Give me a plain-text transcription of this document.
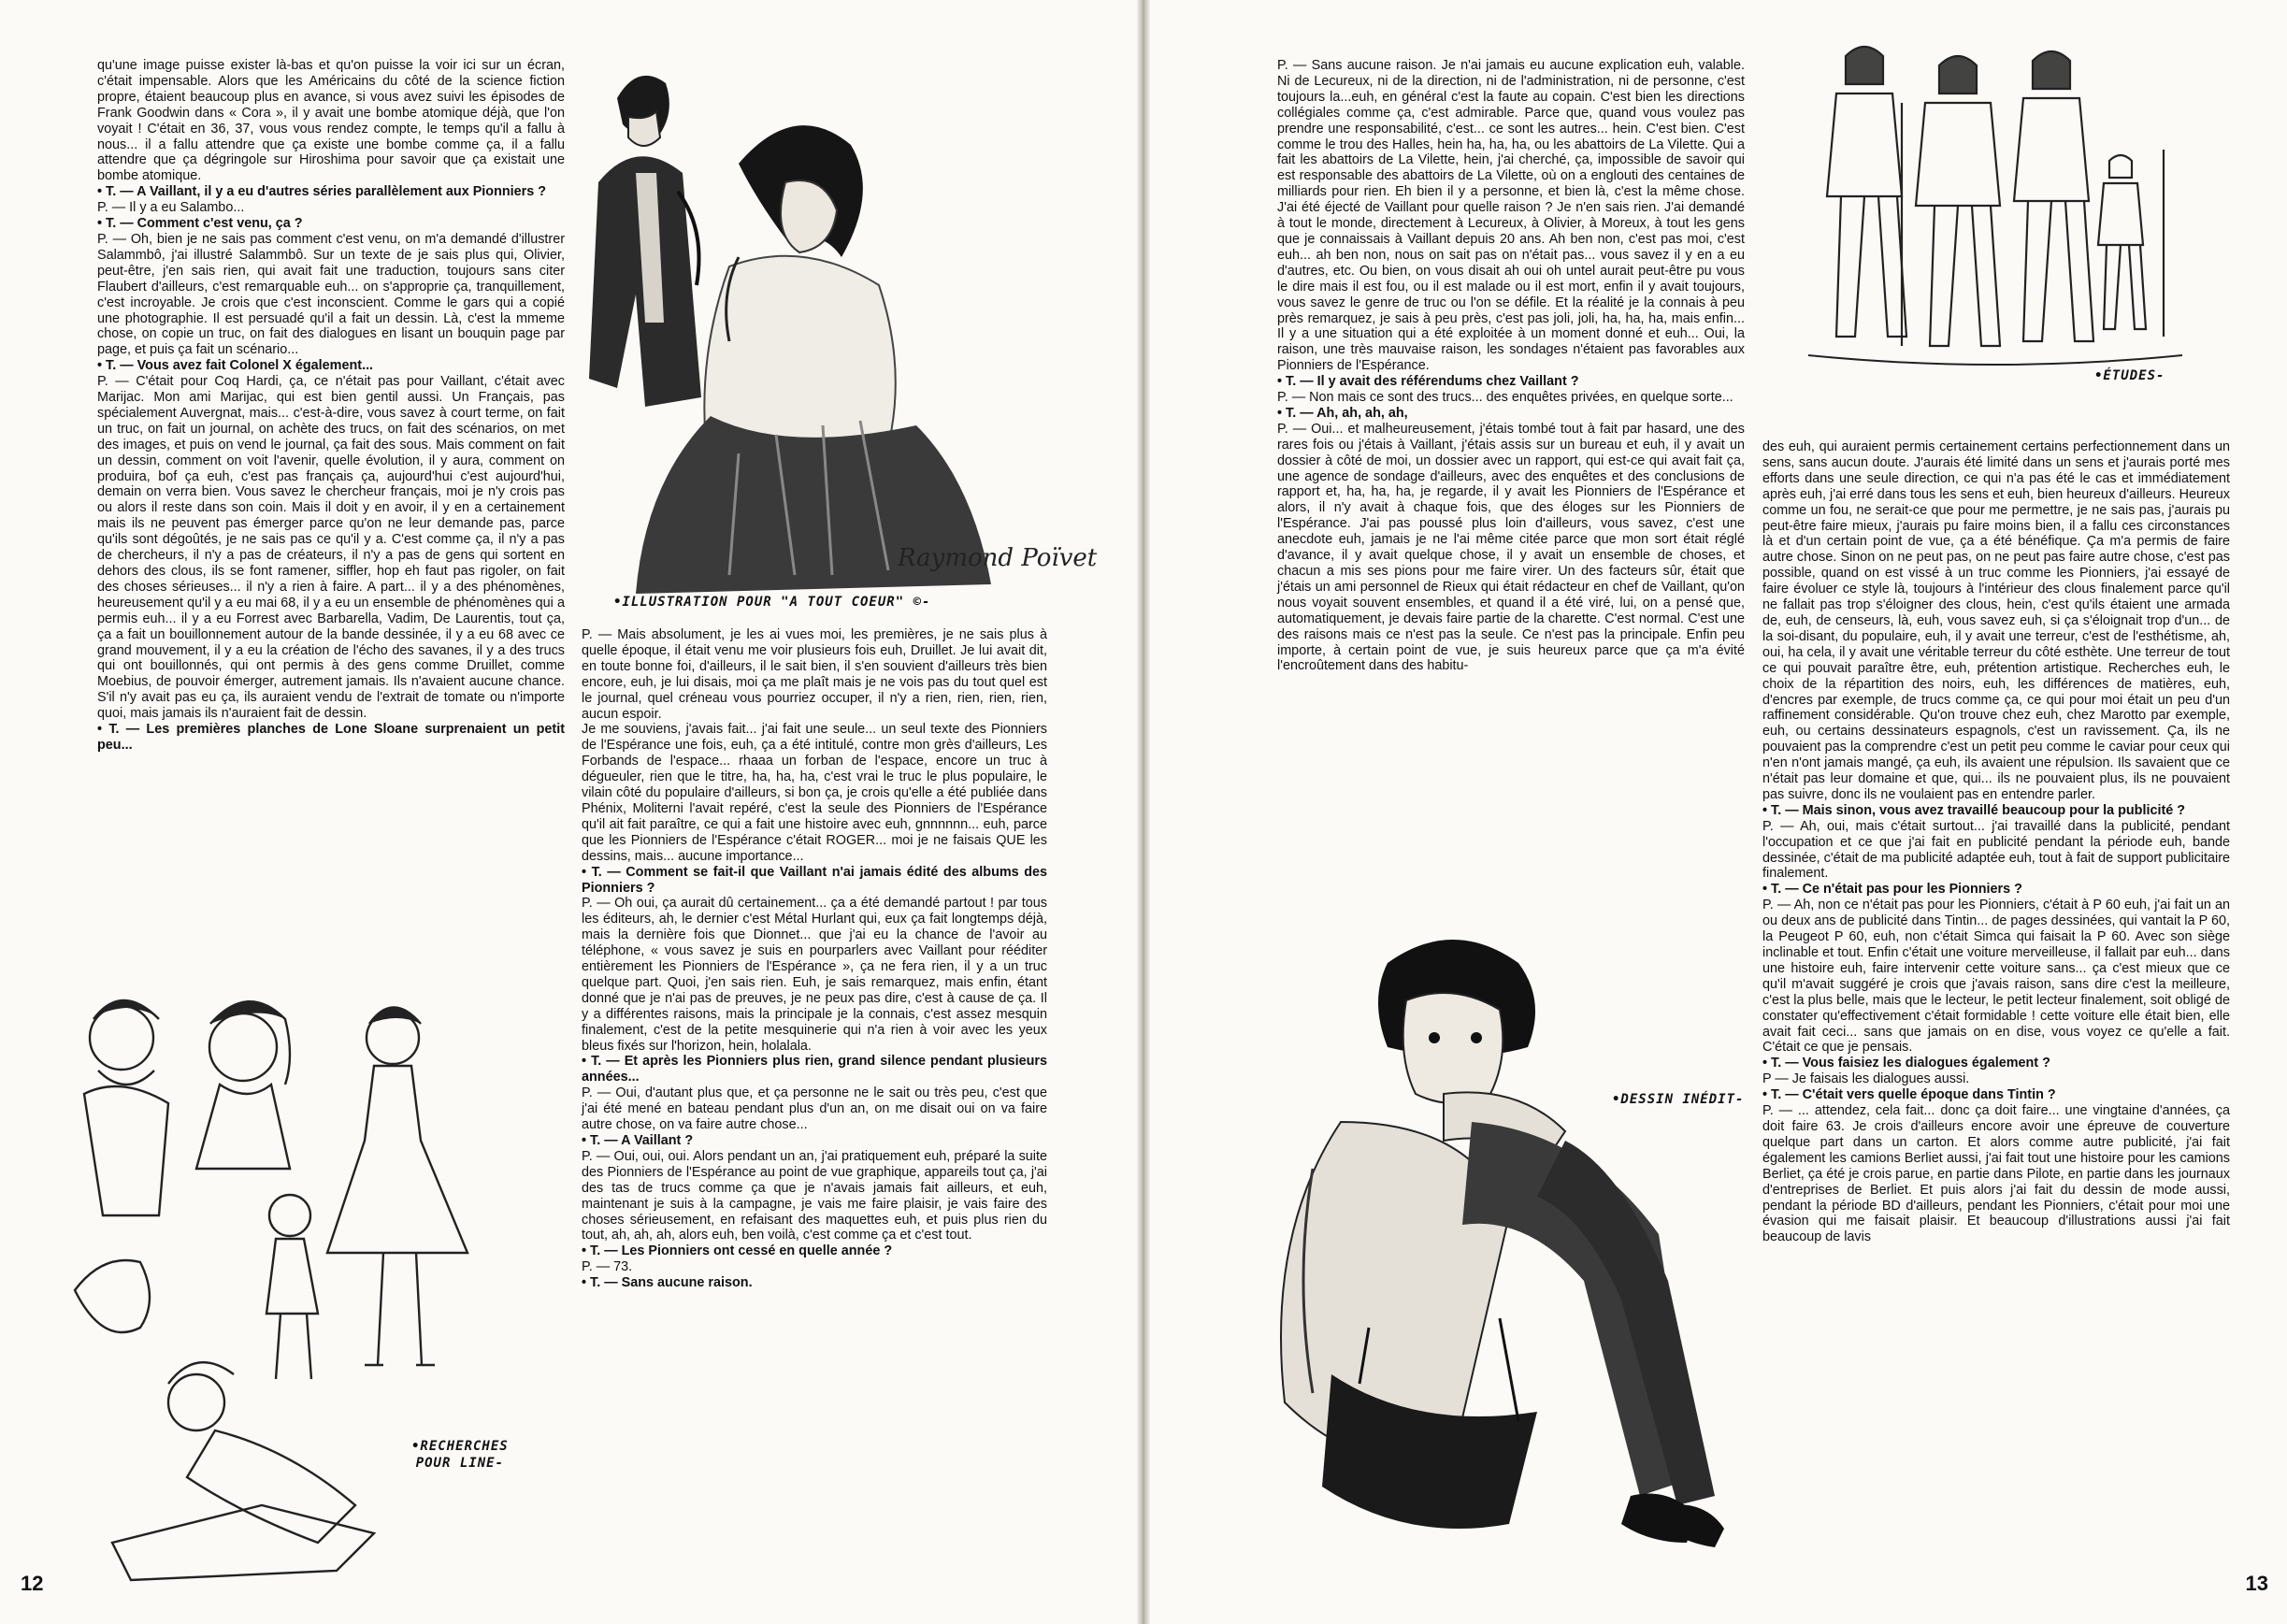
qu'une image puisse exister là-bas et qu'on puisse la voir ici sur un écran, c'était impensable. Alors que les Américains du côté de la science fiction propre, étaient beaucoup plus en avance, si vous avez suivi les épisodes de Frank Goodwin dans « Cora », il y avait une bombe atomique déjà, que l'on voyait ! C'était en 36, 37, vous vous rendez compte, le temps qu'il a fallu à nous... il a fallu attendre que ça existe une bombe comme ça, il a fallu attendre que ça dégringole sur Hiroshima pour savoir que ça existait une bombe atomique.

• T. — A Vaillant, il y a eu d'autres séries parallèlement aux Pionniers ?

P. — Il y a eu Salambo...

• T. — Comment c'est venu, ça ?

P. — Oh, bien je ne sais pas comment c'est venu, on m'a demandé d'illustrer Salammbô, j'ai illustré Salammbô. Sur un texte de je sais plus qui, Olivier, peut-être, j'en sais rien, qui avait fait une traduction, toujours sans citer Flaubert d'ailleurs, c'est remarquable euh... on s'approprie ça, tranquillement, c'est incroyable. Je crois que c'est inconscient. Comme le gars qui a copié une photographie. Il est persuadé qu'il a fait un dessin. Là, c'est la mmeme chose, on copie un truc, on fait des dialogues en lisant un bouquin page par page, et puis ça fait un scénario...

• T. — Vous avez fait Colonel X également...

P. — C'était pour Coq Hardi, ça, ce n'était pas pour Vaillant, c'était avec Marijac. Mon ami Marijac, qui est bien gentil aussi. Un Français, pas spécialement Auvergnat, mais... c'est-à-dire, vous savez à court terme, on fait un truc, on fait un journal, on achète des trucs, on fait des scénarios, on met des images, et puis on vend le journal, ça fait des sous. Mais comment on fait un dessin, comment on voit l'avenir, quelle évolution, il y aura, comment on produira, bof ça euh, c'est pas français ça, aujourd'hui c'est aujourd'hui, demain on verra bien. Vous savez le chercheur français, moi je n'y crois pas ou alors il reste dans son coin. Mais il doit y en avoir, il y en a certainement mais ils ne peuvent pas émerger parce qu'on ne leur demande pas, parce qu'ils sont dégoûtés, je ne sais pas ce qu'il y a. C'est comme ça, il n'y a pas de chercheurs, il n'y a pas de créateurs, il n'y a pas de gens qui sortent en dehors des clous, ils se font ramener, siffler, hop eh faut pas rigoler, on fait des choses sérieuses... il n'y a rien à faire. A part... il y a des phénomènes, heureusement qu'il y a eu mai 68, il y a eu un ensemble de phénomènes qui a permis euh... il y a eu Forrest avec Barbarella, Vadim, De Laurentis, tout ça, ça a fait un bouillonnement autour de la bande dessinée, il y a eu 68 avec ce grand mouvement, il y a eu la création de l'écho des savanes, il y a des trucs qui ont bouillonnés, qui ont permis à des gens comme Druillet, comme Moebius, de pouvoir émerger, autrement jamais. Ils n'avaient aucune chance. S'il n'y avait pas eu ça, ils auraient vendu de l'extrait de tomate ou n'importe quoi, mais jamais ils n'auraient fait de dessin.

• T. — Les premières planches de Lone Sloane surprenaient un petit peu...

P. — Mais absolument, je les ai vues moi, les premières, je ne sais plus à quelle époque, il était venu me voir plusieurs fois euh, Druillet. Je lui avait dit, en toute bonne foi, d'ailleurs, il le sait bien, il s'en souvient d'ailleurs très bien encore, euh, je lui disais, moi ça me plaît mais je ne vois pas du tout quel est le journal, quel créneau vous pourriez occuper, il n'y a rien, rien, rien, rien, aucun espoir.

Je me souviens, j'avais fait... j'ai fait une seule... un seul texte des Pionniers de l'Espérance une fois, euh, ça a été intitulé, contre mon grès d'ailleurs, Les Forbands de l'espace... rhaaa un forban de l'espace, encore un truc à dégueuler, rien que le titre, ha, ha, ha, c'est vrai le truc le plus populaire, le vilain côté du populaire d'ailleurs, si bon ça, je crois qu'elle a été publiée dans Phénix, Moliterni l'avait repéré, c'est la seule des Pionniers de l'Espérance qu'il ait fait paraître, ce qui a fait une histoire avec euh, gnnnnnn... euh, parce que les Pionniers de l'Espérance c'était ROGER... moi je ne faisais QUE les dessins, mais... aucune importance...

• T. — Comment se fait-il que Vaillant n'ai jamais édité des albums des Pionniers ?

P. — Oh oui, ça aurait dû certainement... ça a été demandé partout ! par tous les éditeurs, ah, le dernier c'est Métal Hurlant qui, eux ça fait longtemps déjà, mais la dernière fois que Dionnet... que j'ai eu la chance de l'avoir au téléphone, « vous savez je suis en pourparlers avec Vaillant pour rééditer entièrement les Pionniers de l'Espérance », ça ne fera rien, il y a un truc quelque part. Quoi, j'en sais rien. Euh, je sais remarquez, mais enfin, étant donné que je n'ai pas de preuves, je ne peux pas dire, c'est à cause de ça. Il y a différentes raisons, mais la principale je la connais, c'est assez mesquin finalement, c'est de la petite mesquinerie qui n'a rien à voir avec les yeux bleus fixés sur l'horizon, hein, holalala.

• T. — Et après les Pionniers plus rien, grand silence pendant plusieurs années...

P. — Oui, d'autant plus que, et ça personne ne le sait ou très peu, c'est que j'ai été mené en bateau pendant plus d'un an, on me disait oui on va faire autre chose, on va faire autre chose...

• T. — A Vaillant ?

P. — Oui, oui, oui. Alors pendant un an, j'ai pratiquement euh, préparé la suite des Pionniers de l'Espérance au point de vue graphique, appareils tout ça, j'ai des tas de trucs comme ça que je n'avais jamais fait ailleurs, et euh, maintenant je suis à la campagne, je vais me faire plaisir, je vais faire des choses sérieusement, en refaisant des maquettes euh, et puis plus rien du tout, ah, ah, ah, alors euh, ben voilà, c'est comme ça et c'est tout.

• T. — Les Pionniers ont cessé en quelle année ?

P. — 73.

• T. — Sans aucune raison.

Raymond Poïvet
•ILLUSTRATION POUR "A TOUT COEUR" ©-
•RECHERCHES
POUR LINE-
12

P. — Sans aucune raison. Je n'ai jamais eu aucune explication euh, valable. Ni de Lecureux, ni de la direction, ni de l'administration, ni de personne, c'est toujours la...euh, en général c'est la faute au copain. C'est bien les directions collégiales comme ça, c'est admirable. Parce que, quand vous voulez pas prendre une responsabilité, c'est... ce sont les autres... hein. C'est bien. C'est comme le trou des Halles, hein ha, ha, ha, ou les abattoirs de La Vilette. Qui a fait les abattoirs de La Vilette, hein, j'ai cherché, ça, impossible de savoir qui est responsable des abattoirs de La Vilette, où on a englouti des centaines de milliards pour rien. Eh bien il y a personne, et bien là, c'est la même chose. J'ai été éjecté de Vaillant pour quelle raison ? Je n'en sais rien. J'ai demandé à tout le monde, directement à Lecureux, à Olivier, à Moreux, à tout les gens que je connaissais à Vaillant depuis 20 ans. Ah ben non, c'est pas moi, c'est euh... ah ben non, nous on sait pas on n'était pas... vous savez il y en a eu d'autres, etc. Ou bien, on vous disait ah oui oh untel aurait peut-être pu vous le dire mais il est fou, ou il est malade ou il est mort, enfin il y avait toujours, vous savez le genre de truc ou l'on se défile. Et la réalité je la connais à peu près remarquez, je sais à peu près, c'est pas joli, joli, ha, ha, ha, mais enfin... Il y a une situation qui a été exploitée à un moment donné et euh... Oui, la raison, une très mauvaise raison, les sondages n'étaient pas favorables aux Pionniers de l'Espérance.

• T. — Il y avait des référendums chez Vaillant ?

P. — Non mais ce sont des trucs... des enquêtes privées, en quelque sorte...

• T. — Ah, ah, ah, ah,

P. — Oui... et malheureusement, j'étais tombé tout à fait par hasard, une des rares fois ou j'étais à Vaillant, j'étais assis sur un bureau et euh, il y avait un dossier à côté de moi, un dossier avec un rapport, qui est-ce qui avait fait ça, une agence de sondage d'ailleurs, avec des enquêtes et des conclusions de rapport et, ha, ha, ha, je regarde, il y avait les Pionniers de l'Espérance et alors, il n'y avait à chaque fois, que des éloges sur les Pionniers de l'Espérance. J'ai pas poussé plus loin d'ailleurs, vous savez, c'est une anecdote euh, jamais je ne l'ai même citée parce que mon sort était réglé d'avance, il y avait quelque chose, il y avait un ensemble de choses, et chacun a mis ses pions pour me faire virer. Un des facteurs sûr, était que j'étais un ami personnel de Rieux qui était rédacteur en chef de Vaillant, qu'on nous voyait souvent ensembles, et quand il a été viré, lui, on a pensé que, automatiquement, je devais faire partie de la charette. C'est normal. C'est une des raisons mais ce n'est pas la seule. Ce n'est pas la principale. Enfin peu importe, à certain point de vue, je suis heureux parce que ça m'a évité l'encroûtement dans des habitu-

des euh, qui auraient permis certainement certains perfectionnement dans un sens, sans aucun doute. J'aurais été limité dans un sens et j'aurais porté mes efforts dans une seule direction, ce qui n'a pas été le cas et immédiatement après euh, j'ai erré dans tous les sens et euh, bien heureux d'ailleurs. Heureux comme un fou, ne serait-ce que pour me permettre, je ne sais pas, j'aurais pu peut-être faire mieux, j'aurais pu faire moins bien, il a fallu ces circonstances là et d'un certain point de vue, ça a été bénéfique. Ça m'a permis de faire autre chose. Sinon on ne peut pas, on ne peut pas faire autre chose, c'est pas possible, quand on est vissé à un truc comme les Pionniers, j'ai essayé de faire évoluer ce style là, toujours à l'intérieur des clous finalement parce qu'il ne fallait pas trop s'éloigner des clous, hein, c'est qu'ils étaient une armada de, euh, de censeurs, là, euh, vous savez euh, si ça s'éloignait trop d'un... de la soi-disant, du populaire, euh, il y avait une terreur, c'est de l'esthétisme, ah, oui, ha cela, il y avait une véritable terreur du côté esthète. Une terreur de tout ce qui pouvait paraître être, euh, prétention artistique. Recherches euh, le choix de la répartition des noirs, euh, les différences de matières, euh, d'encres par exemple, de trucs comme ça, ce qui pour moi était un peu d'un raffinement considérable. Qu'on trouve chez euh, chez Marotto par exemple, euh, ou certains dessinateurs espagnols, c'est un ravissement. Ça, ils ne pouvaient pas la comprendre c'est un petit peu comme le caviar pour ceux qui n'en n'ont jamais mangé, ça euh, ils avaient une répulsion. Ils savaient que ce n'était pas leur domaine et que, qui... ils ne pouvaient plus, ils ne pouvaient pas suivre, donc ils ne voulaient pas en entendre parler.

• T. — Mais sinon, vous avez travaillé beaucoup pour la publicité ?

P. — Ah, oui, mais c'était surtout... j'ai travaillé dans la publicité, pendant l'occupation et ce que j'ai fait en publicité pendant la période euh, bande dessinée, c'était de ma publicité adaptée euh, tout à fait de support publicitaire finalement.

• T. — Ce n'était pas pour les Pionniers ?

P. — Ah, non ce n'était pas pour les Pionniers, c'était à P 60 euh, j'ai fait un an ou deux ans de publicité dans Tintin... de pages dessinées, qui vantait la P 60, la Peugeot P 60, euh, non c'était Simca qui faisait la P 60. Avec son siège inclinable et tout. Enfin c'était une voiture merveilleuse, il fallait par euh... dans une histoire euh, faire intervenir cette voiture sans... ça c'est mieux que ce qu'il m'avait suggéré je crois que j'avais raison, sans dire c'est la meilleure, c'est la plus belle, mais que le lecteur, le petit lecteur finalement, soit obligé de constater qu'effectivement c'était formidable ! cette voiture elle était bien, elle avait fait ceci... sans que jamais on en dise, vous voyez ce qu'elle a fait. C'était ce que je pensais.

• T. — Vous faisiez les dialogues également ?

P — Je faisais les dialogues aussi.

• T. — C'était vers quelle époque dans Tintin ?

P. — ... attendez, cela fait... donc ça doit faire... une vingtaine d'années, ça doit faire 63. Je crois d'ailleurs encore avoir une épreuve de couverture quelque part dans un carton. Et alors comme autre publicité, j'ai fait également les camions Berliet aussi, j'ai fait tout une histoire pour les camions Berliet, ça été je crois parue, en partie dans Pilote, en partie dans les journaux d'entreprises de Berliet. Et puis alors j'ai fait du dessin de mode aussi, pendant la période BD d'ailleurs, pendant les Pionniers, c'était pour moi une évasion qui me faisait plaisir. Et beaucoup d'illustrations aussi j'ai fait beaucoup de lavis

•ÉTUDES-
•DESSIN INÉDIT-
13
